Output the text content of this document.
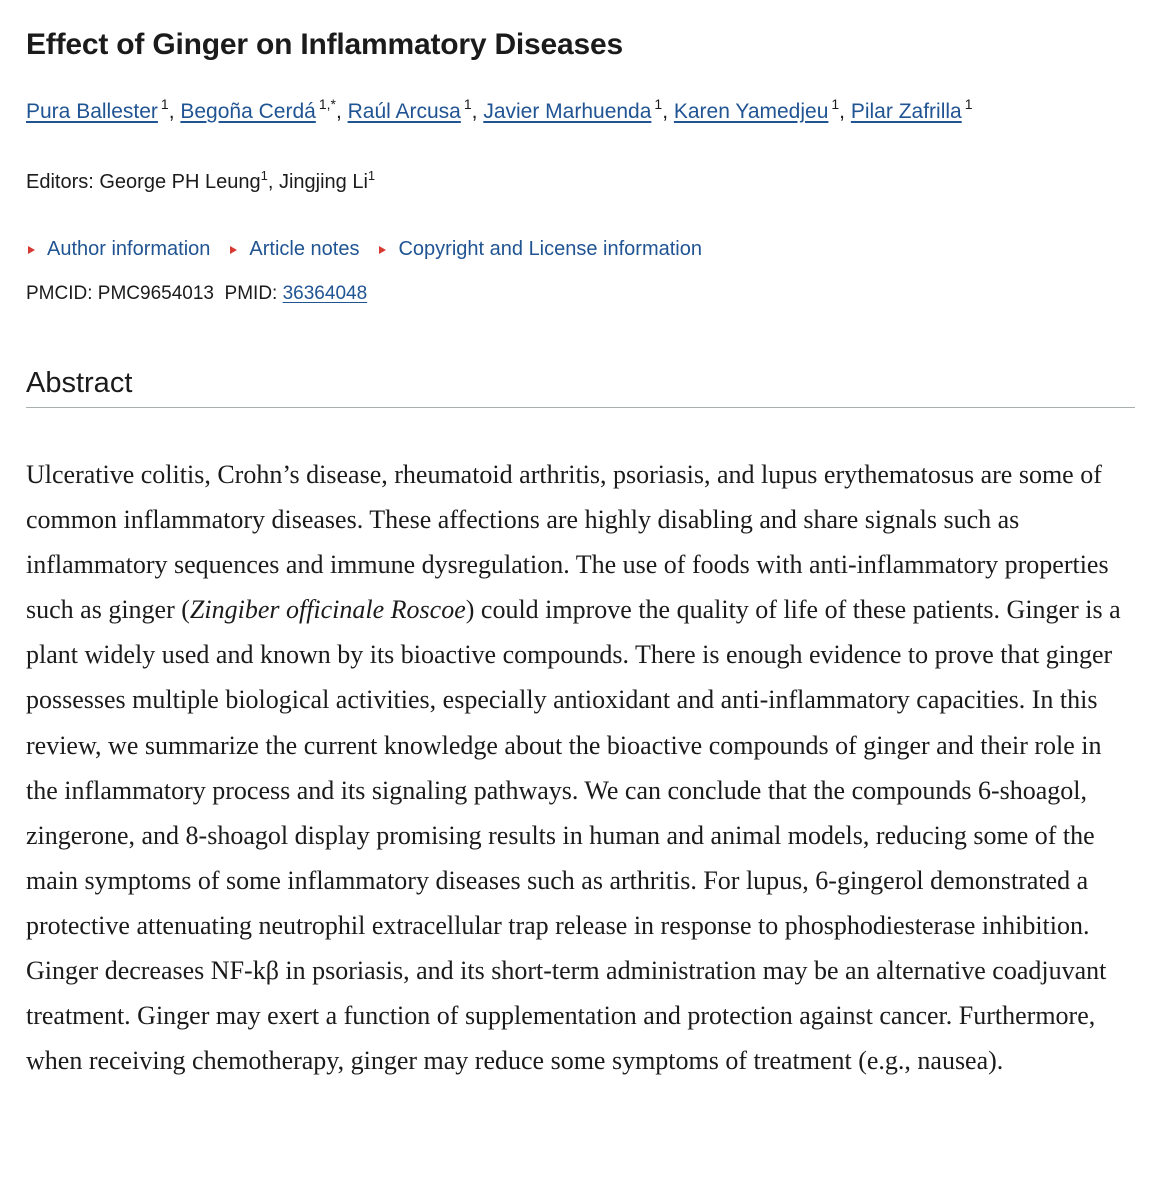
Effect of Ginger on Inflammatory Diseases
Pura Ballester $^1$, Begoña Cerdá $^{1,*}$, Raúl Arcusa $^1$, Javier Marhuenda $^1$, Karen Yamedjeu $^1$, Pilar Zafrilla $^1$
Editors: George PH Leung$^1$, Jingjing Li$^1$
Author information Article notes Copyright and License information
PMCID: PMC9654013 PMID: 36364048
Abstract

Ulcerative colitis, Crohn’s disease, rheumatoid arthritis, psoriasis, and lupus erythematosus are some of common inflammatory diseases. These affections are highly disabling and share signals such as inflammatory sequences and immune dysregulation. The use of foods with anti-inflammatory properties such as ginger (Zingiber officinale Roscoe) could improve the quality of life of these patients. Ginger is a plant widely used and known by its bioactive compounds. There is enough evidence to prove that ginger possesses multiple biological activities, especially antioxidant and anti-inflammatory capacities. In this review, we summarize the current knowledge about the bioactive compounds of ginger and their role in the inflammatory process and its signaling pathways. We can conclude that the compounds 6-shoagol, zingerone, and 8-shoagol display promising results in human and animal models, reducing some of the main symptoms of some inflammatory diseases such as arthritis. For lupus, 6-gingerol demonstrated a protective attenuating neutrophil extracellular trap release in response to phosphodiesterase inhibition. Ginger decreases NF-kβ in psoriasis, and its short-term administration may be an alternative coadjuvant treatment. Ginger may exert a function of supplementation and protection against cancer. Furthermore, when receiving chemotherapy, ginger may reduce some symptoms of treatment (e.g., nausea).
